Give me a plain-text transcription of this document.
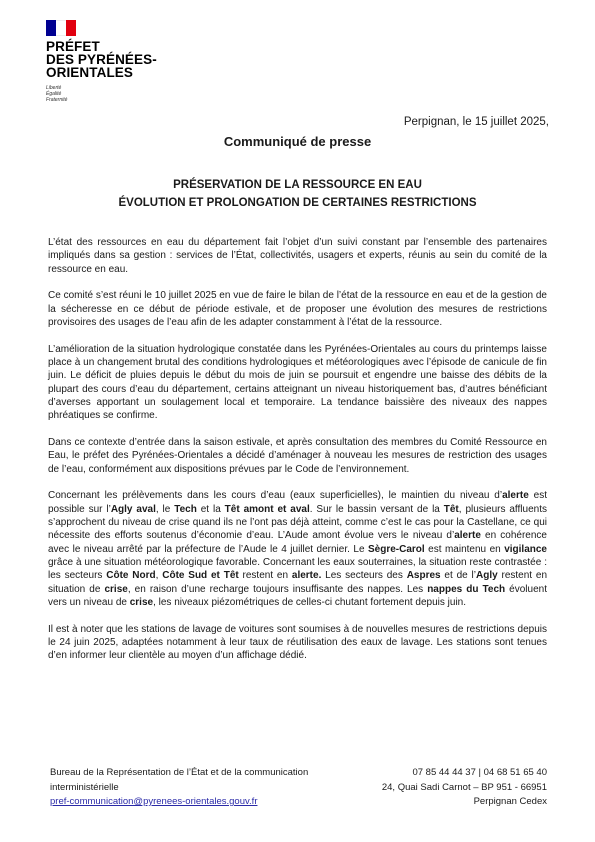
PRÉFET
DES PYRÉNÉES-
ORIENTALES
Liberté
Égalité
Fraternité
Perpignan, le 15 juillet 2025,
Communiqué de presse
PRÉSERVATION DE LA RESSOURCE EN EAU
ÉVOLUTION ET PROLONGATION DE CERTAINES RESTRICTIONS

L’état des ressources en eau du département fait l’objet d’un suivi constant par l’ensemble des partenaires impliqués dans sa gestion : services de l’État, collectivités, usagers et experts, réunis au sein du comité de la ressource en eau.

Ce comité s’est réuni le 10 juillet 2025 en vue de faire le bilan de l’état de la ressource en eau et de la gestion de la sécheresse en ce début de période estivale, et de proposer une évolution des mesures de restrictions provisoires des usages de l’eau afin de les adapter constamment à l’état de la ressource.

L’amélioration de la situation hydrologique constatée dans les Pyrénées-Orientales au cours du printemps laisse place à un changement brutal des conditions hydrologiques et météorologiques avec l’épisode de canicule de fin juin. Le déficit de pluies depuis le début du mois de juin se poursuit et engendre une baisse des débits de la plupart des cours d’eau du département, certains atteignant un niveau historiquement bas, d’autres bénéficiant d’averses apportant un soulagement local et temporaire. La tendance baissière des niveaux des nappes phréatiques se confirme.

Dans ce contexte d’entrée dans la saison estivale, et après consultation des membres du Comité Ressource en Eau, le préfet des Pyrénées-Orientales a décidé d’aménager à nouveau les mesures de restriction des usages de l’eau, conformément aux dispositions prévues par le Code de l’environnement.

Concernant les prélèvements dans les cours d’eau (eaux superficielles), le maintien du niveau d’alerte est possible sur l’Agly aval, le Tech et la Têt amont et aval. Sur le bassin versant de la Têt, plusieurs affluents s’approchent du niveau de crise quand ils ne l’ont pas déjà atteint, comme c’est le cas pour la Castellane, ce qui nécessite des efforts soutenus d’économie d’eau. L’Aude amont évolue vers le niveau d’alerte en cohérence avec le niveau arrêté par la préfecture de l’Aude le 4 juillet dernier. Le Sègre-Carol est maintenu en vigilance grâce à une situation météorologique favorable. Concernant les eaux souterraines, la situation reste contrastée : les secteurs Côte Nord, Côte Sud et Têt restent en alerte. Les secteurs des Aspres et de l’Agly restent en situation de crise, en raison d’une recharge toujours insuffisante des nappes. Les nappes du Tech évoluent vers un niveau de crise, les niveaux piézométriques de celles-ci chutant fortement depuis juin.

Il est à noter que les stations de lavage de voitures sont soumises à de nouvelles mesures de restrictions depuis le 24 juin 2025, adaptées notamment à leur taux de réutilisation des eaux de lavage. Les stations sont tenues d’en informer leur clientèle au moyen d’un affichage dédié.

Bureau de la Représentation de l’État et de la communication
interministérielle
pref-communication@pyrenees-orientales.gouv.fr
07 85 44 44 37 | 04 68 51 65 40
24, Quai Sadi Carnot – BP 951 - 66951
Perpignan Cedex
